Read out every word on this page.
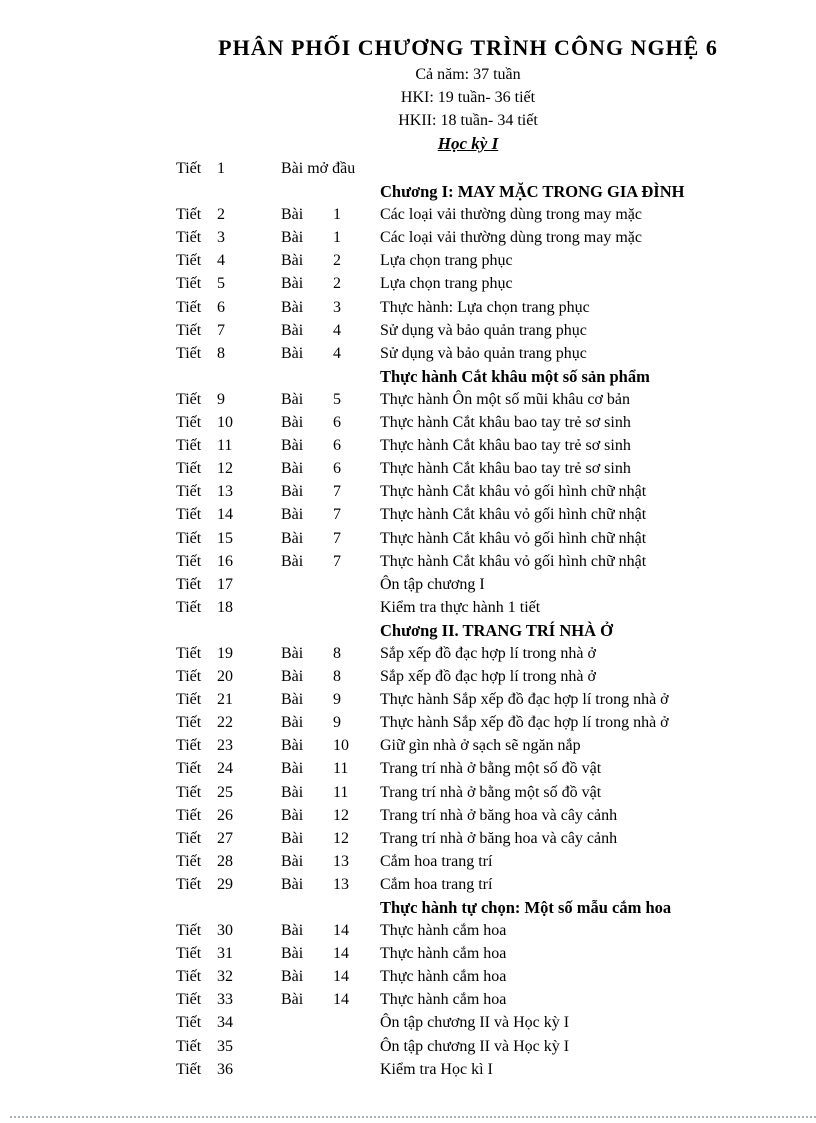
PHÂN PHỐI CHƯƠNG TRÌNH CÔNG NGHỆ 6
Cả năm: 37 tuần
HKI: 19 tuần- 36 tiết
HKII: 18 tuần- 34 tiết
Học kỳ I
Tiết 1	Bài mở đầu
Chương I: MAY MẶC TRONG GIA ĐÌNH
Tiết 2	Bài 1 Các loại vải thường dùng trong may mặc
Tiết 3	Bài 1 Các loại vải thường dùng trong may mặc
Tiết 4	Bài 2 Lựa chọn trang phục
Tiết 5	Bài 2 Lựa chọn trang phục
Tiết 6	Bài 3 Thực hành: Lựa chọn trang phục
Tiết 7	Bài 4 Sử dụng và bảo quản trang phục
Tiết 8	Bài 4 Sử dụng và bảo quản trang phục
Thực hành Cắt khâu một số sản phẩm
Tiết 9	Bài 5 Thực hành Ôn một số mũi khâu cơ bản
Tiết 10	Bài 6 Thực hành Cắt khâu bao tay trẻ sơ sinh
Tiết 11	Bài 6 Thực hành Cắt khâu bao tay trẻ sơ sinh
Tiết 12	Bài 6 Thực hành Cắt khâu bao tay trẻ sơ sinh
Tiết 13	Bài 7 Thực hành Cắt khâu vỏ gối hình chữ nhật
Tiết 14	Bài 7 Thực hành Cắt khâu vỏ gối hình chữ nhật
Tiết 15	Bài 7 Thực hành Cắt khâu vỏ gối hình chữ nhật
Tiết 16	Bài 7 Thực hành Cắt khâu vỏ gối hình chữ nhật
Tiết 17	Ôn tập chương I
Tiết 18	Kiểm tra thực hành 1 tiết
Chương II. TRANG TRÍ NHÀ Ở
Tiết 19	Bài 8 Sắp xếp đồ đạc hợp lí trong nhà ở
Tiết 20	Bài 8 Sắp xếp đồ đạc hợp lí trong nhà ở
Tiết 21	Bài 9 Thực hành Sắp xếp đồ đạc hợp lí trong nhà ở
Tiết 22	Bài 9 Thực hành Sắp xếp đồ đạc hợp lí trong nhà ở
Tiết 23	Bài 10 Giữ gìn nhà ở sạch sẽ ngăn nắp
Tiết 24	Bài 11 Trang trí nhà ở bằng một số đồ vật
Tiết 25	Bài 11 Trang trí nhà ở bằng một số đồ vật
Tiết 26	Bài 12 Trang trí nhà ở băng hoa và cây cảnh
Tiết 27	Bài 12 Trang trí nhà ở băng hoa và cây cảnh
Tiết 28	Bài 13 Cắm hoa trang trí
Tiết 29	Bài 13 Cắm hoa trang trí
Thực hành tự chọn: Một số mẫu cắm hoa
Tiết 30	Bài 14 Thực hành cắm hoa
Tiết 31	Bài 14 Thực hành cắm hoa
Tiết 32	Bài 14 Thực hành cắm hoa
Tiết 33	Bài 14 Thực hành cắm hoa
Tiết 34	Ôn tập chương II và Học kỳ I
Tiết 35	Ôn tập chương II và Học kỳ I
Tiết 36	Kiểm tra Học kì I
